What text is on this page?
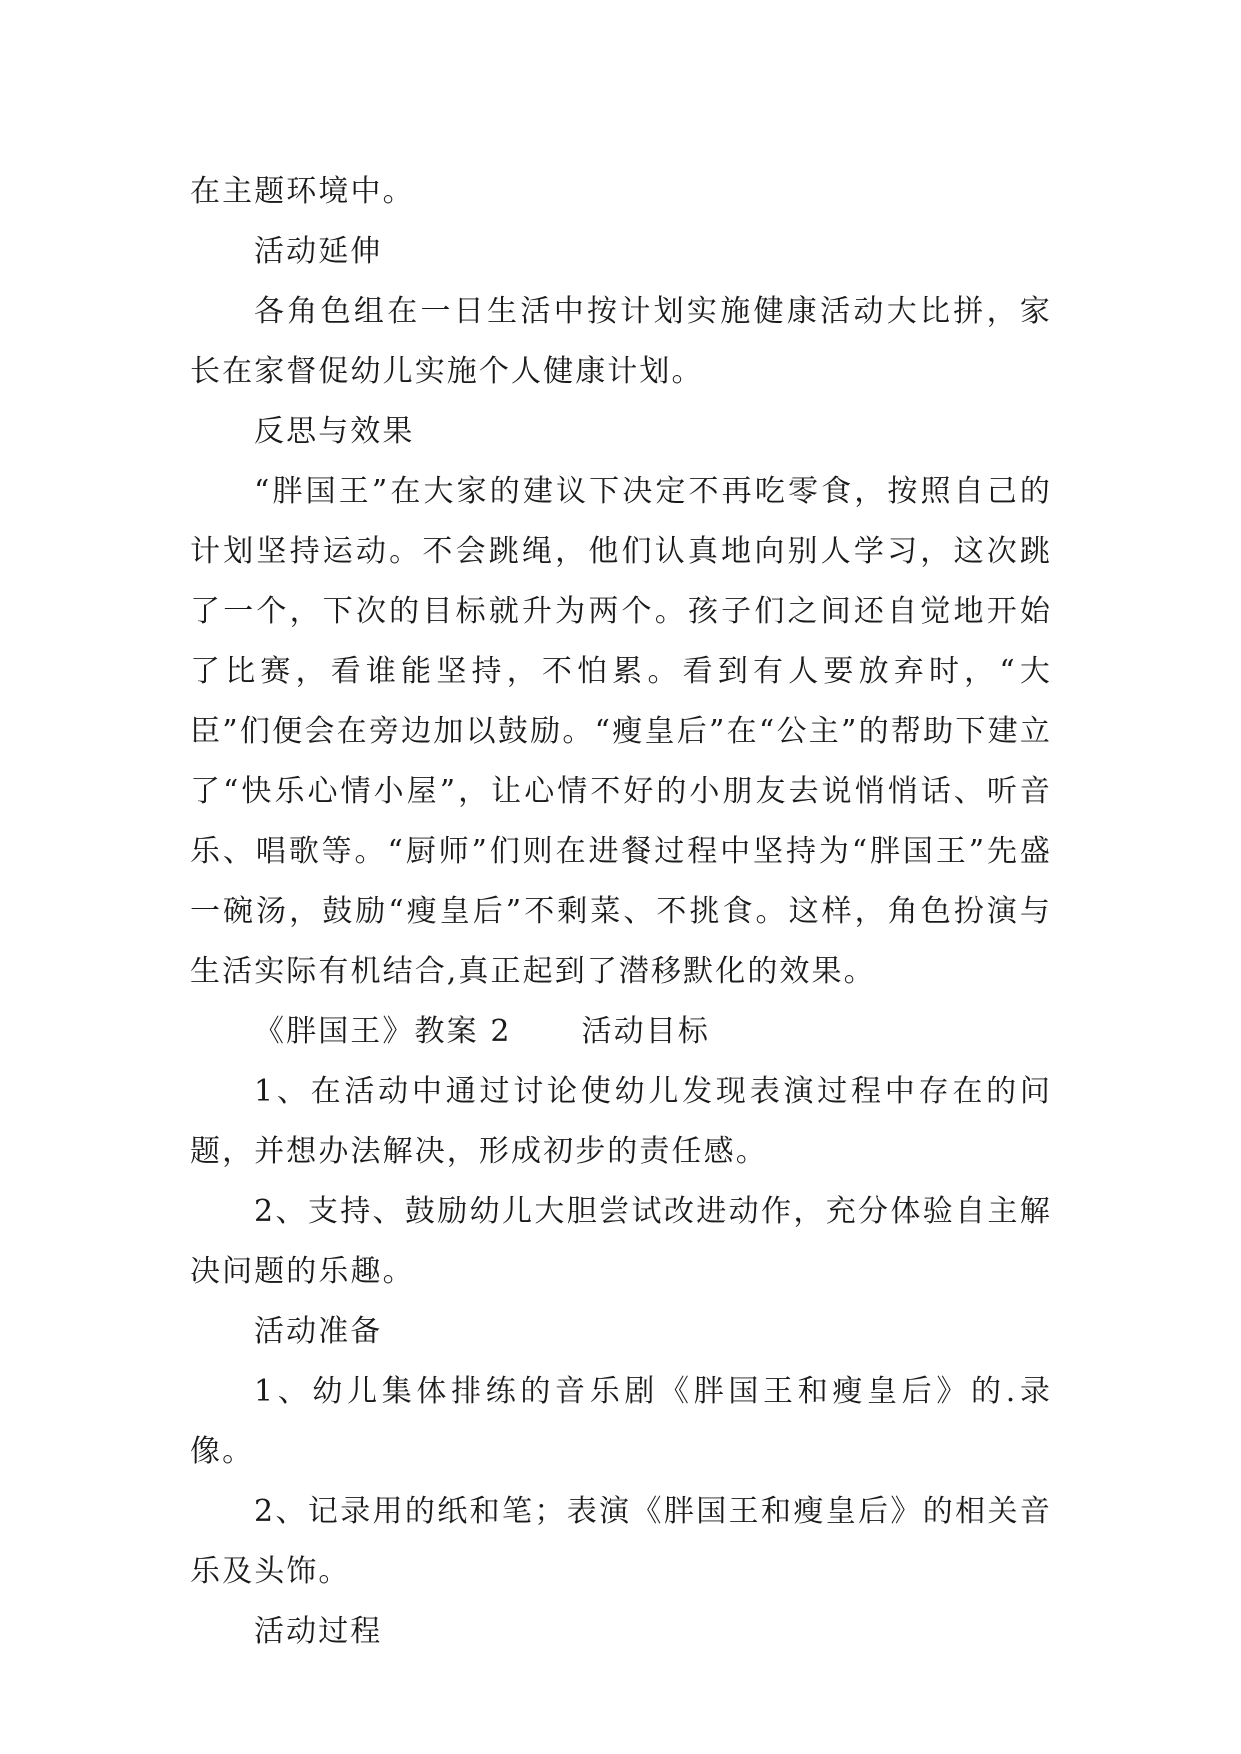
在主题环境中。

活动延伸

各角色组在一日生活中按计划实施健康活动大比拼，家长在家督促幼儿实施个人健康计划。

反思与效果

“胖国王”在大家的建议下决定不再吃零食，按照自己的计划坚持运动。不会跳绳，他们认真地向别人学习，这次跳了一个，下次的目标就升为两个。孩子们之间还自觉地开始了比赛，看谁能坚持，不怕累。看到有人要放弃时，“大臣”们便会在旁边加以鼓励。“瘦皇后”在“公主”的帮助下建立了“快乐心情小屋”，让心情不好的小朋友去说悄悄话、听音乐、唱歌等。“厨师”们则在进餐过程中坚持为“胖国王”先盛一碗汤，鼓励“瘦皇后”不剩菜、不挑食。这样，角色扮演与生活实际有机结合,真正起到了潜移默化的效果。

《胖国王》教案 2 活动目标

1、在活动中通过讨论使幼儿发现表演过程中存在的问题，并想办法解决，形成初步的责任感。

2、支持、鼓励幼儿大胆尝试改进动作，充分体验自主解决问题的乐趣。

活动准备

1、幼儿集体排练的音乐剧《胖国王和瘦皇后》的.录像。

2、记录用的纸和笔；表演《胖国王和瘦皇后》的相关音乐及头饰。

活动过程
